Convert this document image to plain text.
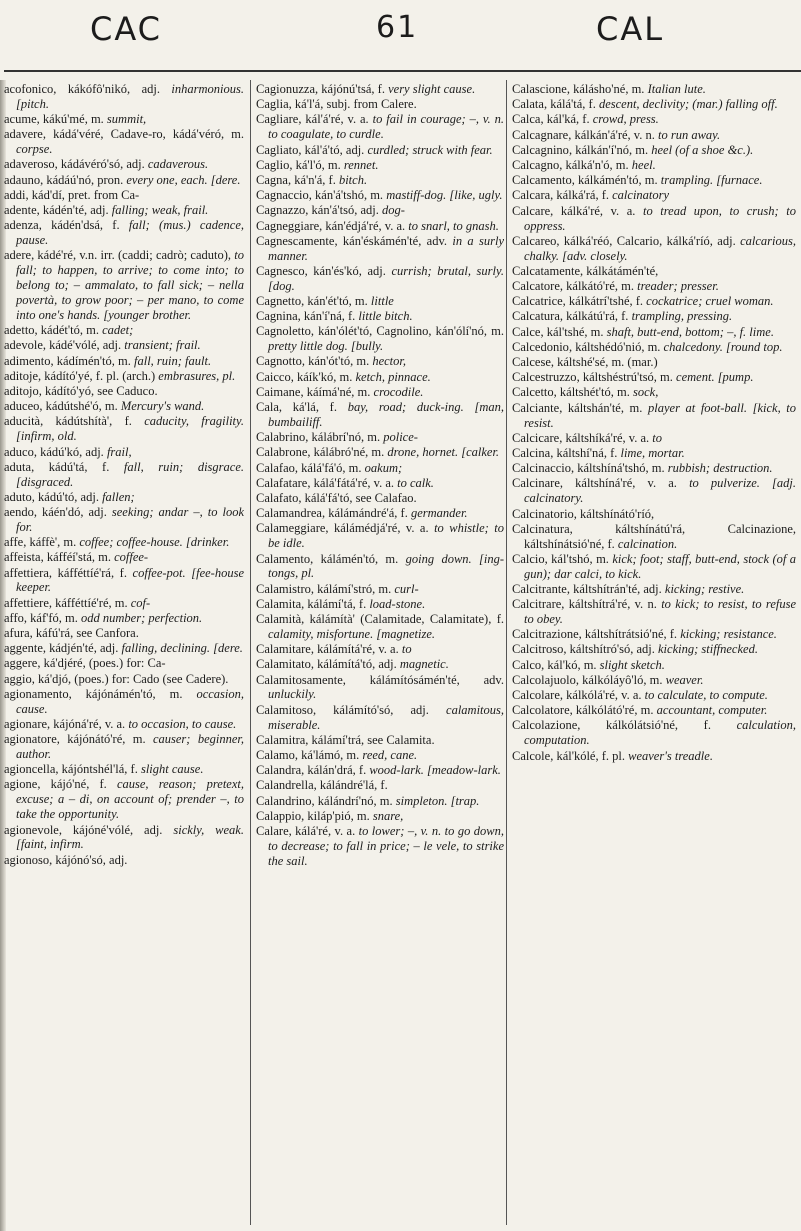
CAC	61	CAL
acofonico, kákófô'nikó, adj. inharmonious. [pitch.
acume, kákú'mé, m. summit,
adavere, kádá'véré, Cadave-ro, kádá'véró, m. corpse.
adaveroso, kádávéró'só, adj. cadaverous.
adauno, kádáú'nó, pron. every one, each. [dere.
addi, kád'dí, pret. from Ca-
adente, kádén'té, adj. falling; weak, frail.
adenza, kádén'dsá, f. fall; (mus.) cadence, pause.
adere, kádé'ré, v.n. irr. (caddi; cadrò; caduto), to fall; to happen, to arrive; to come into; to belong to; – ammalato, to fall sick; – nella povertà, to grow poor; – per mano, to come into one's hands. [younger brother.
adetto, kádét'tó, m. cadet;
adevole, kádé'vólé, adj. transient; frail.
adimento, kádímén'tó, m. fall, ruin; fault.
aditoje, kádító'yé, f. pl. (arch.) embrasures, pl.
aditojo, kádító'yó, see Caduco.
aduceo, kádútshé'ó, m. Mercury's wand.
aducità, kádútshítà', f. caducity, fragility. [infirm, old.
aduco, kádú'kó, adj. frail,
aduta, kádú'tá, f. fall, ruin; disgrace. [disgraced.
aduto, kádú'tó, adj. fallen;
aendo, káén'dó, adj. seeking; andar –, to look for.
affe, káffè', m. coffee; coffee-house. [drinker.
affeista, káfféí'stá, m. coffee-
affettiera, káfféttíé'rá, f. coffee-pot. [fee-house keeper.
affettiere, káfféttíé'ré, m. cof-
affo, káf'fó, m. odd number; perfection.
afura, káfú'rá, see Canfora.
aggente, kádjén'té, adj. falling, declining. [dere.
aggere, ká'djéré, (poes.) for: Ca-
aggio, ká'djó, (poes.) for: Cado (see Cadere).
agionamento, kájónámén'tó, m. occasion, cause.
agionare, kájóná'ré, v. a. to occasion, to cause.
agionatore, kájónátó'ré, m. causer; beginner, author.
agioncella, kájóntshél'lá, f. slight cause.
agione, kájó'né, f. cause, reason; pretext, excuse; a – di, on account of; prender –, to take the opportunity.
agionevole, kájóné'vólé, adj. sickly, weak. [faint, infirm.
agionoso, kájónó'só, adj.
Cagionuzza, kájónú'tsá, f. very slight cause.
Caglia, ká'l'á, subj. from Calere.
Cagliare, kál'á'ré, v. a. to fail in courage; –, v. n. to coagulate, to curdle.
Cagliato, kál'á'tó, adj. curdled; struck with fear.
Caglio, ká'l'ó, m. rennet.
Cagna, ká'n'á, f. bitch.
Cagnaccio, kán'á'tshó, m. mastiff-dog. [like, ugly.
Cagnazzo, kán'á'tsó, adj. dog-
Cagneggiare, kán'édjá'ré, v. a. to snarl, to gnash.
Cagnescamente, kán'éskámén'té, adv. in a surly manner.
Cagnesco, kán'és'kó, adj. currish; brutal, surly. [dog.
Cagnetto, kán'ét'tó, m. little
Cagnina, kán'í'ná, f. little bitch.
Cagnoletto, kán'ólét'tó, Cagnolino, kán'ólí'nó, m. pretty little dog. [bully.
Cagnotto, kán'ót'tó, m. hector,
Caicco, káík'kó, m. ketch, pinnace.
Caimane, káímá'né, m. crocodile.
Cala, ká'lá, f. bay, road; duck-ing. [man, bumbailiff.
Calabrino, kálábrí'nó, m. police-
Calabrone, kálábró'né, m. drone, hornet. [calker.
Calafao, kálá'fá'ó, m. oakum;
Calafatare, kálá'fátá'ré, v. a. to calk.
Calafato, kálá'fá'tó, see Calafao.
Calamandrea, kálámándré'á, f. germander.
Calameggiare, kálámédjá'ré, v. a. to whistle; to be idle.
Calamento, kálámén'tó, m. going down. [ing-tongs, pl.
Calamistro, kálámí'stró, m. curl-
Calamita, kálámí'tá, f. load-stone.
Calamità, kálámítà' (Calamitade, Calamitate), f. calamity, misfortune. [magnetize.
Calamitare, kálámítá'ré, v. a. to
Calamitato, kálámítá'tó, adj. magnetic.
Calamitosamente, kálámítósámén'té, adv. unluckily.
Calamitoso, kálámító'só, adj. calamitous, miserable.
Calamitra, kálámí'trá, see Calamita.
Calamo, ká'lámó, m. reed, cane.
Calandra, kálán'drá, f. wood-lark. [meadow-lark.
Calandrella, kálándré'lá, f.
Calandrino, kálándrí'nó, m. simpleton. [trap.
Calappio, kiláp'pió, m. snare,
Calare, kálá'ré, v. a. to lower; –, v. n. to go down, to decrease; to fall in price; – le vele, to strike the sail.
Calascione, kálásho'né, m. Italian lute.
Calata, kálá'tá, f. descent, declivity; (mar.) falling off.
Calca, kál'ká, f. crowd, press.
Calcagnare, kálkán'á'ré, v. n. to run away.
Calcagnino, kálkán'í'nó, m. heel (of a shoe &c.).
Calcagno, kálká'n'ó, m. heel.
Calcamento, kálkámén'tó, m. trampling. [furnace.
Calcara, kálká'rá, f. calcinatory
Calcare, kálká'ré, v. a. to tread upon, to crush; to oppress.
Calcareo, kálká'réó, Calcario, kálká'ríó, adj. calcarious, chalky. [adv. closely.
Calcatamente, kálkátámén'té,
Calcatore, kálkátó'ré, m. treader; presser.
Calcatrice, kálkátrí'tshé, f. cockatrice; cruel woman.
Calcatura, kálkátú'rá, f. trampling, pressing.
Calce, kál'tshé, m. shaft, butt-end, bottom; –, f. lime.
Calcedonio, káltshédó'nió, m. chalcedony. [round top.
Calcese, káltshé'sé, m. (mar.)
Calcestruzzo, káltshéstrú'tsó, m. cement. [pump.
Calcetto, káltshét'tó, m. sock,
Calciante, káltshán'té, m. player at foot-ball. [kick, to resist.
Calcicare, káltshíká'ré, v. a. to
Calcina, káltshí'ná, f. lime, mortar.
Calcinaccio, káltshíná'tshó, m. rubbish; destruction.
Calcinare, káltshíná'ré, v. a. to pulverize. [adj. calcinatory.
Calcinatorio, káltshínátó'ríó,
Calcinatura, káltshínátú'rá, Calcinazione, káltshínátsió'né, f. calcination.
Calcio, kál'tshó, m. kick; foot; staff, butt-end, stock (of a gun); dar calci, to kick.
Calcitrante, káltshítrán'té, adj. kicking; restive.
Calcitrare, káltshítrá'ré, v. n. to kick; to resist, to refuse to obey.
Calcitrazione, káltshítrátsió'né, f. kicking; resistance.
Calcitroso, káltshítró'só, adj. kicking; stiffnecked.
Calco, kál'kó, m. slight sketch.
Calcolajuolo, kálkóláyô'ló, m. weaver.
Calcolare, kálkólá'ré, v. a. to calculate, to compute.
Calcolatore, kálkólátó'ré, m. accountant, computer.
Calcolazione, kálkólátsió'né, f. calculation, computation.
Calcole, kál'kólé, f. pl. weaver's treadle.
